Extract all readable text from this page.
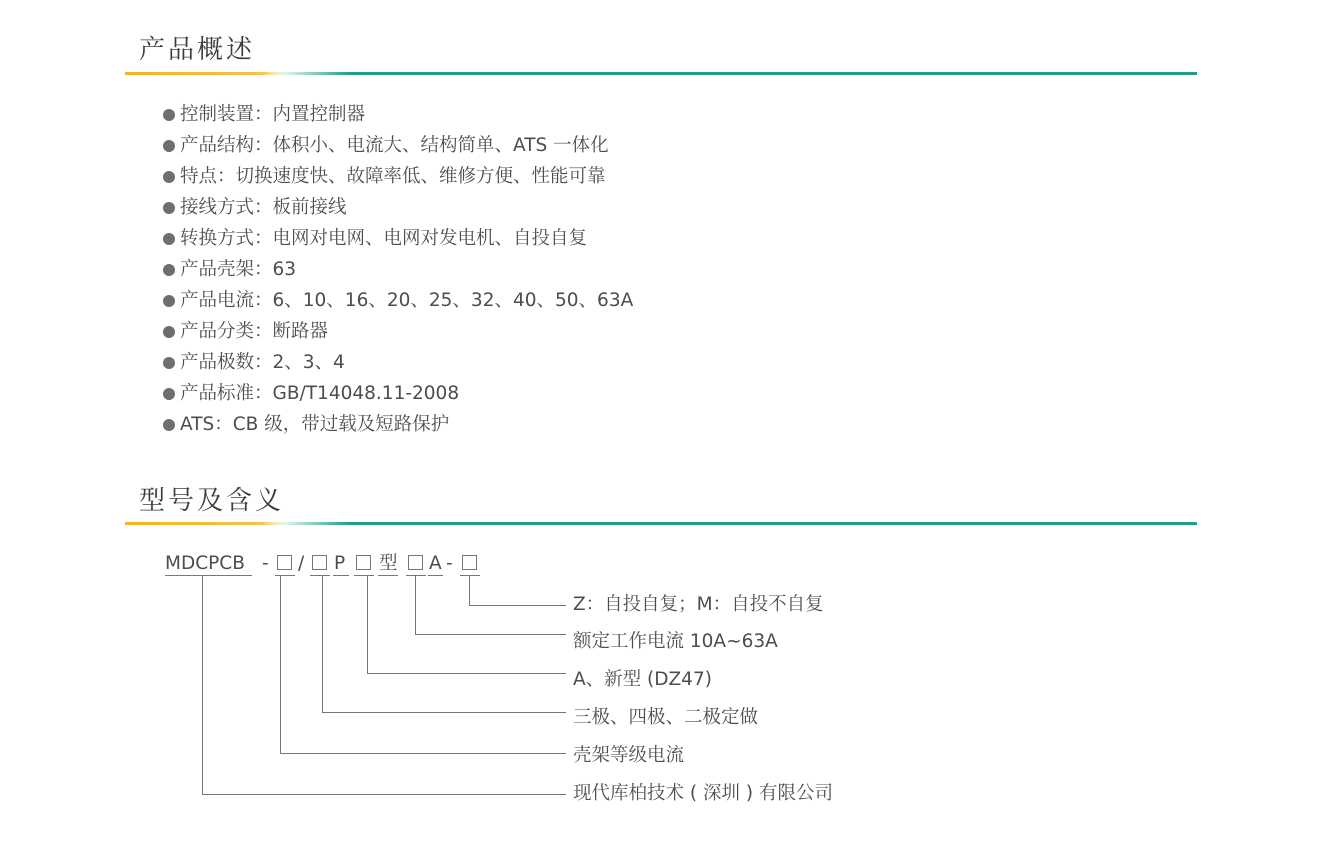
产品概述
控制装置：内置控制器
产品结构：体积小、电流大、结构简单、ATS 一体化
特点：切换速度快、故障率低、维修方便、性能可靠
接线方式：板前接线
转换方式：电网对电网、电网对发电机、自投自复
产品壳架：63
产品电流：6、10、16、20、25、32、40、50、63A
产品分类：断路器
产品极数：2、3、4
产品标准：GB/T14048.11-2008
ATS：CB 级，带过载及短路保护
型号及含义
MDCPCB - / P 型 A -
Z：自投自复；M：自投不自复
额定工作电流 10A~63A
A、新型 (DZ47)
三极、四极、二极定做
壳架等级电流
现代库柏技术 ( 深圳 ) 有限公司
